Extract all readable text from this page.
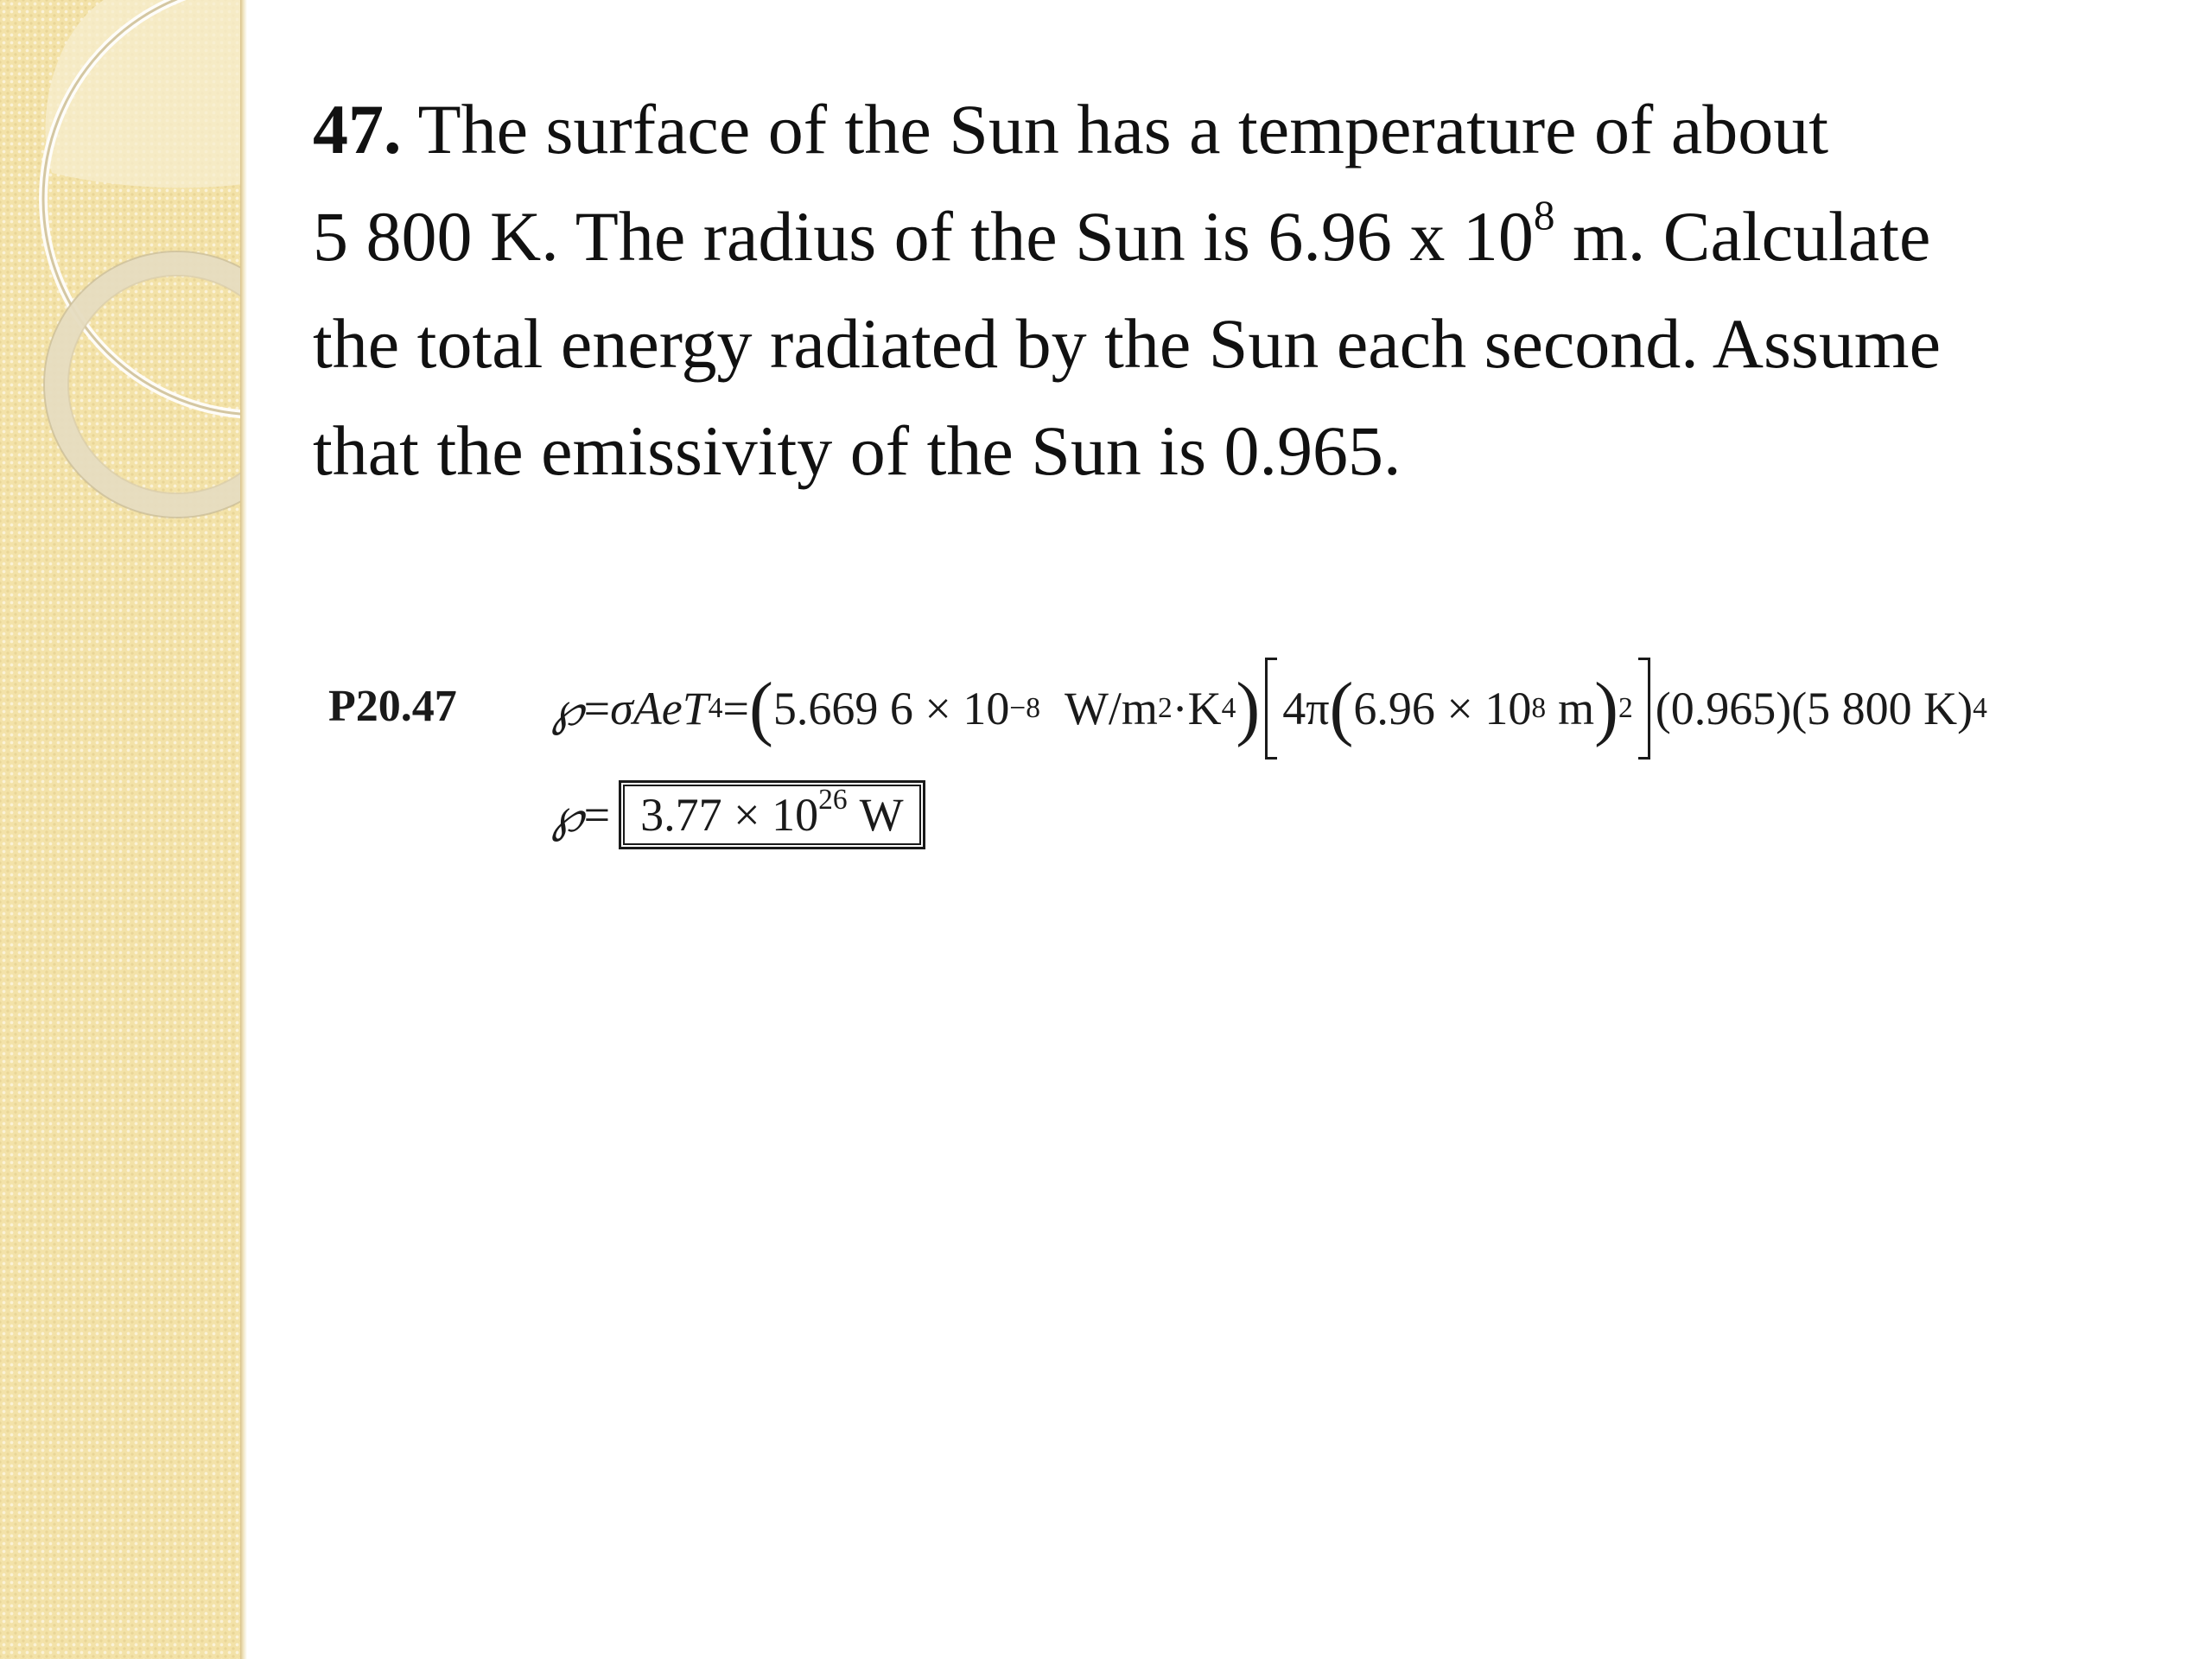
47. The surface of the Sun has a temperature of about
5 800 K. The radius of the Sun is 6.96 x $10^8$ m. Calculate
the total energy radiated by the Sun each second. Assume
that the emissivity of the Sun is 0.965.
P20.47 ℘ = σ A e T 4 = ( 5.669 6 × 10 −8 W/m 2 ·K 4 ) 4π ( 6.96 × 10 8 m ) 2 (0.965) (5 800 K) 4
℘ = $3.77 \times 10^{26}$ W
